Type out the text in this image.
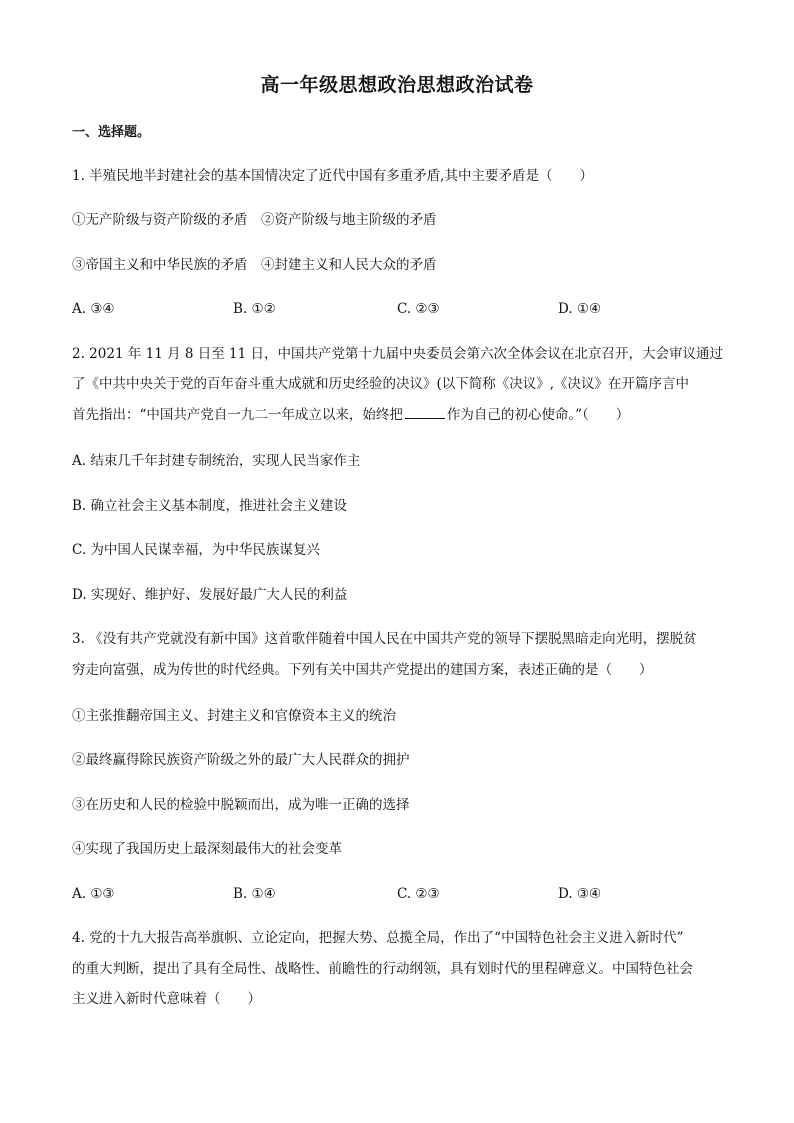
高一年级思想政治思想政治试卷
一、选择题。
1. 半殖民地半封建社会的基本国情决定了近代中国有多重矛盾,其中主要矛盾是（　　）
①无产阶级与资产阶级的矛盾　②资产阶级与地主阶级的矛盾
③帝国主义和中华民族的矛盾　④封建主义和人民大众的矛盾
A. ③④	B. ①②	C. ②③	D. ①④
2. 2021 年 11 月 8 日至 11 日，中国共产党第十九届中央委员会第六次全体会议在北京召开，大会审议通过
了《中共中央关于党的百年奋斗重大成就和历史经验的决议》(以下简称《决议》,《决议》在开篇序言中
首先指出：“中国共产党自一九二一年成立以来，始终把	作为自己的初心使命。”（　　）
A. 结束几千年封建专制统治，实现人民当家作主
B. 确立社会主义基本制度，推进社会主义建设
C. 为中国人民谋幸福，为中华民族谋复兴
D. 实现好、维护好、发展好最广大人民的利益
3. 《没有共产党就没有新中国》这首歌伴随着中国人民在中国共产党的领导下摆脱黑暗走向光明，摆脱贫
穷走向富强，成为传世的时代经典。下列有关中国共产党提出的建国方案，表述正确的是（　　）
①主张推翻帝国主义、封建主义和官僚资本主义的统治
②最终赢得除民族资产阶级之外的最广大人民群众的拥护
③在历史和人民的检验中脱颖而出，成为唯一正确的选择
④实现了我国历史上最深刻最伟大的社会变革
A. ①③	B. ①④	C. ②③	D. ③④
4. 党的十九大报告高举旗帜、立论定向，把握大势、总揽全局，作出了“中国特色社会主义进入新时代”
的重大判断，提出了具有全局性、战略性、前瞻性的行动纲领，具有划时代的里程碑意义。中国特色社会
主义进入新时代意味着（　　）
